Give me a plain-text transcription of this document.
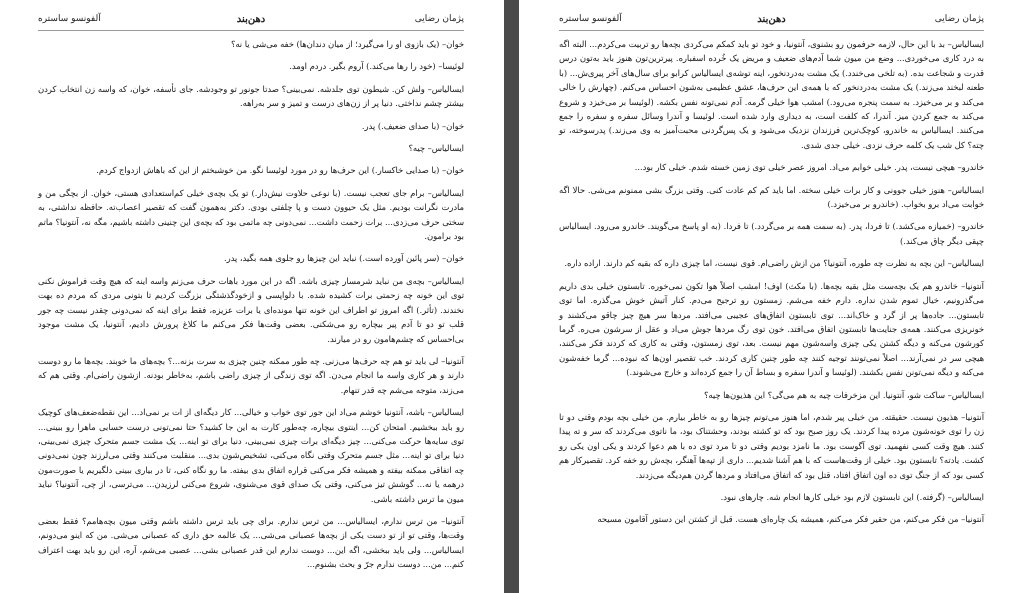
پژمان رضایی
دهن‌بند
آلفونسو ساستره

خوان– (یک بازوی او را می‌گیرد؛ از میان دندان‌ها) خفه می‌شی یا نه؟

لوئیسا– (خود را رها می‌کند.) آروم بگیر. دردم اومد.

ایسالیاس– ولش کن. شیطون توی جلدشه. نمی‌بینی؟ صدتا جونور تو وجودشه. جای تأسفه، خوان، که واسه زن انتخاب کردن بیشتر چشم نداختی. دنیا پر از زن‌های درست و تمیز و سر به‌راهه.

خوان– (با صدای ضعیف.) پدر.

ایسالیاس– چیه؟

خوان– (با صدایی خاکسار.) این حرف‌ها رو در مورد لوئیسا نگو. من خوشبختم از این که باهاش ازدواج کردم.

ایسالیاس– برام جای تعجب نیست. (با نوعی حلاوت نیش‌دار.) تو یک بچه‌ی خیلی کم‌استعدادی هستی، خوان. از بچگی من و مادرت نگرانت بودیم. مثل یک حیوون دست و پا چلفتی بودی. دکتر به‌همون گفت که تقصیر اعصاب‌ته. حافظه نداشتی، به سختی حرف می‌زدی... برات زحمت داشت... نمی‌دونی چه ماتمی بود که بچه‌ی این چنینی داشته باشیم، مگه نه، آنتونیا؟ ماتم بود برامون.

خوان– (سر پائین آورده است.) نباید این چیزها رو جلوی همه بگید، پدر.

ایسالیاس– بچه‌ی من نباید شرمسار چیزی باشه. اگه در این مورد باهات حرف می‌زنم واسه اینه که هیچ وقت فراموش نکنی توی این خونه چه زحمتی برات کشیده شده. با دلواپسی و ازخودگذشتگی بزرگت کردیم تا بتونی مردی که مردم ده بهت نخندند. (تأثر.) اگه امروز تو اطراف این خونه تنها مونده‌ای یا برات عزیزه، فقط برای اینه که نمی‌دونی چقدر نیست چه جور قلب تو دو تا آدم پیر بیچاره رو می‌شکنی. بعضی وقت‌ها فکر می‌کنم ما کلاغ پرورش دادیم، آنتونیا، یک مشت موجود بی‌احساس که چشم‌هامون رو در میارند.

آنتونیا– لی باید تو هم چه حرف‌ها می‌زنی. چه طور ممکنه چنین چیزی به سرت بزنه...؟ بچه‌های ما خوبند. بچه‌ها ما رو دوست دارند و هر کاری واسه ما انجام می‌دن. اگه توی زندگی از چیزی راضی باشم، به‌خاطر بودنه. ازشون راضی‌ام. وقتی هم که می‌زند، متوجه می‌شم چه قدر تنهام.

ایسالیاس– باشه، آنتونیا خوشم می‌اد این جور توی خواب و خیالی... کار دیگه‌ای از ات بر نمی‌اد... این نقطه‌ضعف‌های کوچیک رو باید ببخشیم. امتحان کن... اینتوی بیچاره، چه‌طور کارت به این جا کشید؟ حتا نمی‌تونی درست حسابی ماهرا رو ببینی... توی سایه‌ها حرکت می‌کنی... چیز دیگه‌ای برات چیزی نمی‌بینی، دنیا برای تو اینه... یک مشت جسم متحرک چیزی نمی‌بینی، دنیا برای تو اینه... مثل جسم متحرک وقتی نگاه می‌کنی، تشخیص‌شون بدی... منقلبت می‌کنند وقتی می‌لرزند چون نمی‌دونی چه اتفاقی ممکنه بیفته و همیشه فکر می‌کنی قراره اتفاق بدی بیفته. ما رو نگاه کنی، تا در بیاری ببینی دلگیریم یا صورت‌مون درهمه یا نه... گوشش تیز می‌کنی، وقتی یک صدای قوی می‌شنوی، شروع می‌کنی لرزیدن... می‌ترسی، از چی، آنتونیا؟ نباید میون ما ترس داشته باشی.

آنتونیا– من ترس ندارم، ایسالیاس... من ترس ندارم. برای چی باید ترس داشته باشم وقتی میون بچه‌هامم؟ فقط بعضی وقت‌ها، وقتی تو از تو دست یکی از بچه‌ها عصبانی می‌شی... یک عالمه حق داری که عصبانی می‌شی. من که اینو می‌دونم، ایسالیاس... ولی باید ببخشی، اگه این... دوست ندارم این قدر عصبانی بشی... عصبی می‌شم، آره، این رو باید بهت اعتراف کنم... من... دوست ندارم جرّ و بحث بشنوم...

پژمان رضایی
دهن‌بند
آلفونسو ساستره

ایسالیاس– بد با این حال، لازمه حرفمون رو بشنوی، آنتونیا، و خود تو باید کمکم می‌کردی بچه‌ها رو تربیت می‌کردم... البته اگه به درد کاری می‌خوردی... وضع من میون شما آدم‌های ضعیف و مریض یک خُرده اسفباره. پیرترین‌تون هنوز باید به‌تون درس قدرت و شجاعت بده. (به تلخی می‌خندد.) یک مشت به‌دردنخور، اینه توشه‌ی ایسالیاس کرابو برای سال‌های آخر پیری‌ش... (با طعنه لبخند می‌زند.) یک مشت به‌دردنخور که با همه‌ی این حرف‌ها، عشق عظیمی به‌شون احساس می‌کنم. (چهارش را خالی می‌کند و بر می‌خیزد. به سمت پنجره می‌رود.) امشب هوا خیلی گرمه. آدم نمی‌تونه نفس بکشه. (لوئیسا بر می‌خیزد و شروع می‌کند به جمع کردن میز. آندرا، که کلفت است، به دیداری وارد شده است. لوئیسا و آندرا وسائل سفره و سفره را جمع می‌کنند. ایسالیاس به خاندرو، کوچک‌ترین فرزندان نزدیک می‌شود و یک پس‌گردنی محبت‌آمیز به وی می‌زند.) پدرسوخته، تو چته؟ کل شب یک کلمه حرف نزدی. خیلی جدی شدی.

خاندرو– هیچی نیست، پدر. خیلی خوابم می‌اد. امروز عصر خیلی توی زمین خسته شدم. خیلی کار بود...

ایسالیاس– هنوز خیلی جوونی و کار برات خیلی سخته. اما باید کم کم عادت کنی. وقتی بزرگ بشی ممنونم می‌شی. حالا اگه خوابت می‌اد برو بخواب. (خاندرو بر می‌خیزد.)

خاندرو– (خمیازه می‌کشد.) تا فردا، پدر. (به سمت همه بر می‌گردد.) تا فردا. (به او پاسخ می‌گویند. خاندرو می‌رود. ایسالیاس چپقی دیگر چاق می‌کند.)

ایسالیاس– این بچه به نظرت چه طوره، آنتونیا؟ من ازش راضی‌ام. قوی نیست، اما چیزی داره که بقیه کم دارند. اراده داره.

آنتونیا– خاندرو هم یک بچه‌ست مثل بقیه بچه‌ها. (با مکث) اوف! امشب اصلاً هوا تکون نمی‌خوره. تابستون خیلی بدی داریم می‌گذرونیم، خیال تموم شدن نداره. دارم خفه می‌شم. زمستون رو ترجیح می‌دم. کنار آتیش خوش می‌گذره. اما توی تابستون... جاده‌ها پر از گرد و خاک‌اند... توی تابستون اتفاق‌های عجیبی می‌افتد. مردها سر هیچ چیز چاقو می‌کشند و خونریزی می‌کنند. همه‌ی جنایت‌ها تابستون اتفاق می‌افتد. خون توی رگ مردها جوش می‌اد و عقل از سرشون می‌ره. گرما کورشون می‌کنه و دیگه کشتن یکی چیزی واسه‌شون مهم نیست. بعد، توی زمستون، وقتی به کاری که کردند فکر می‌کنند، هیچی سر در نمی‌آرند... اصلاً نمی‌تونند توجیه کنند چه طور چنین کاری کردند. خب تقصیر اون‌ها که نبوده... گرما خفه‌شون می‌کنه و دیگه نمی‌تونن نفس بکشند. (لوئیسا و آندرا سفره و بساط آن را جمع کرده‌اند و خارج می‌شوند.)

ایسالیاس– ساکت شو، آنتونیا. این مزخرفات چیه به هم می‌گی؟ این هذیون‌ها چیه؟

آنتونیا– هذیون نیست. حقیقته. من خیلی پیر شدم، اما هنوز می‌تونم چیزها رو به خاطر بیارم. من خیلی بچه بودم وقتی دو تا زن را توی خونه‌شون مرده پیدا کردند. یک روز صبح بود که تو کشته بودند، وحشتناک بود، ما ناتوی می‌کردند که سر و ته پیدا کنند. هیچ وقت کسی نفهمید. توی آگوست بود. ما نامزد بودیم وقتی دو تا مرد توی ده با هم دعوا کردند و یکی اون یکی رو کشت. یادته؟ تابستون بود. خیلی از وقت‌هاست که با هم آشنا شدیم... داری از تپه‌ها آهنگر، بچه‌ش رو خفه کرد. تقصیرکار هم کسی بود که از جنگ توی ده اون اتفاق افتاد، قتل بود که اتفاق می‌افتاد و مردها گردن هم‌دیگه می‌زدند.

ایسالیاس– (گرفته.) این تابستون لازم بود خیلی کارها انجام شه. چارهای نبود.

آنتونیا– من فکر می‌کنم، من حقیر فکر می‌کنم، همیشه یک چاره‌ای هست. قبل از کشتن این دستور آقامون مسیحه
